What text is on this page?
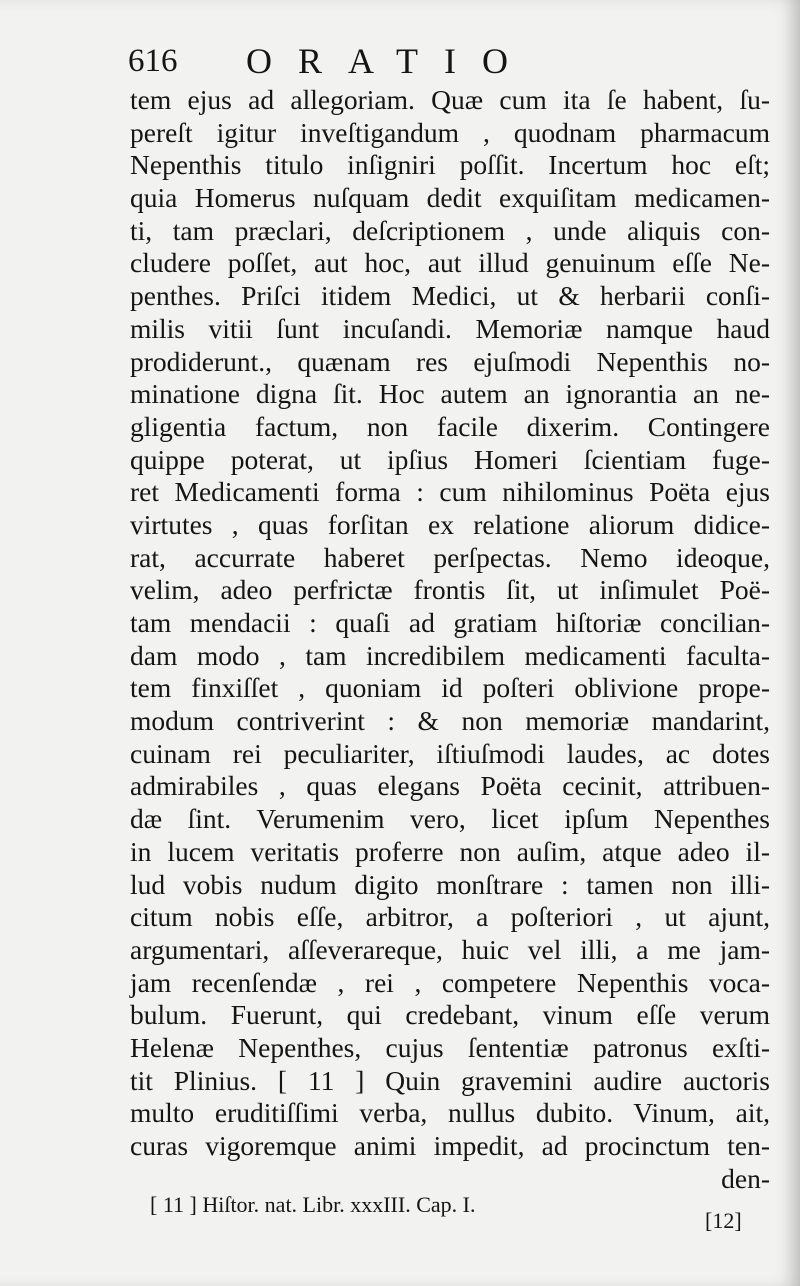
616 ORATIO
tem ejus ad allegoriam. Quæ cum ita ſe habent, ſu-
pereſt igitur inveſtigandum , quodnam pharmacum
Nepenthis titulo inſigniri poſſit. Incertum hoc eſt;
quia Homerus nuſquam dedit exquiſitam medicamen-
ti, tam præclari, deſcriptionem , unde aliquis con-
cludere poſſet, aut hoc, aut illud genuinum eſſe Ne-
penthes. Priſci itidem Medici, ut & herbarii conſi-
milis vitii ſunt incuſandi. Memoriæ namque haud
prodiderunt., quænam res ejuſmodi Nepenthis no-
minatione digna ſit. Hoc autem an ignorantia an ne-
gligentia factum, non facile dixerim. Contingere
quippe poterat, ut ipſius Homeri ſcientiam fuge-
ret Medicamenti forma : cum nihilominus Poëta ejus
virtutes , quas forſitan ex relatione aliorum didice-
rat, accurrate haberet perſpectas. Nemo ideoque,
velim, adeo perfrictæ frontis ſit, ut inſimulet Poë-
tam mendacii : quaſi ad gratiam hiſtoriæ concilian-
dam modo , tam incredibilem medicamenti faculta-
tem finxiſſet , quoniam id poſteri oblivione prope-
modum contriverint : & non memoriæ mandarint,
cuinam rei peculiariter, iſtiuſmodi laudes, ac dotes
admirabiles , quas elegans Poëta cecinit, attribuen-
dæ ſint. Verumenim vero, licet ipſum Nepenthes
in lucem veritatis proferre non auſim, atque adeo il-
lud vobis nudum digito monſtrare : tamen non illi-
citum nobis eſſe, arbitror, a poſteriori , ut ajunt,
argumentari, aſſeverareque, huic vel illi, a me jam-
jam recenſendæ , rei , competere Nepenthis voca-
bulum. Fuerunt, qui credebant, vinum eſſe verum
Helenæ Nepenthes, cujus ſententiæ patronus exſti-
tit Plinius. [ 11 ] Quin gravemini audire auctoris
multo eruditiſſimi verba, nullus dubito. Vinum, ait,
curas vigoremque animi impedit, ad procinctum ten-
den-
[ 11 ] Hiſtor. nat. Libr. xxxIII. Cap. I.
[12]
